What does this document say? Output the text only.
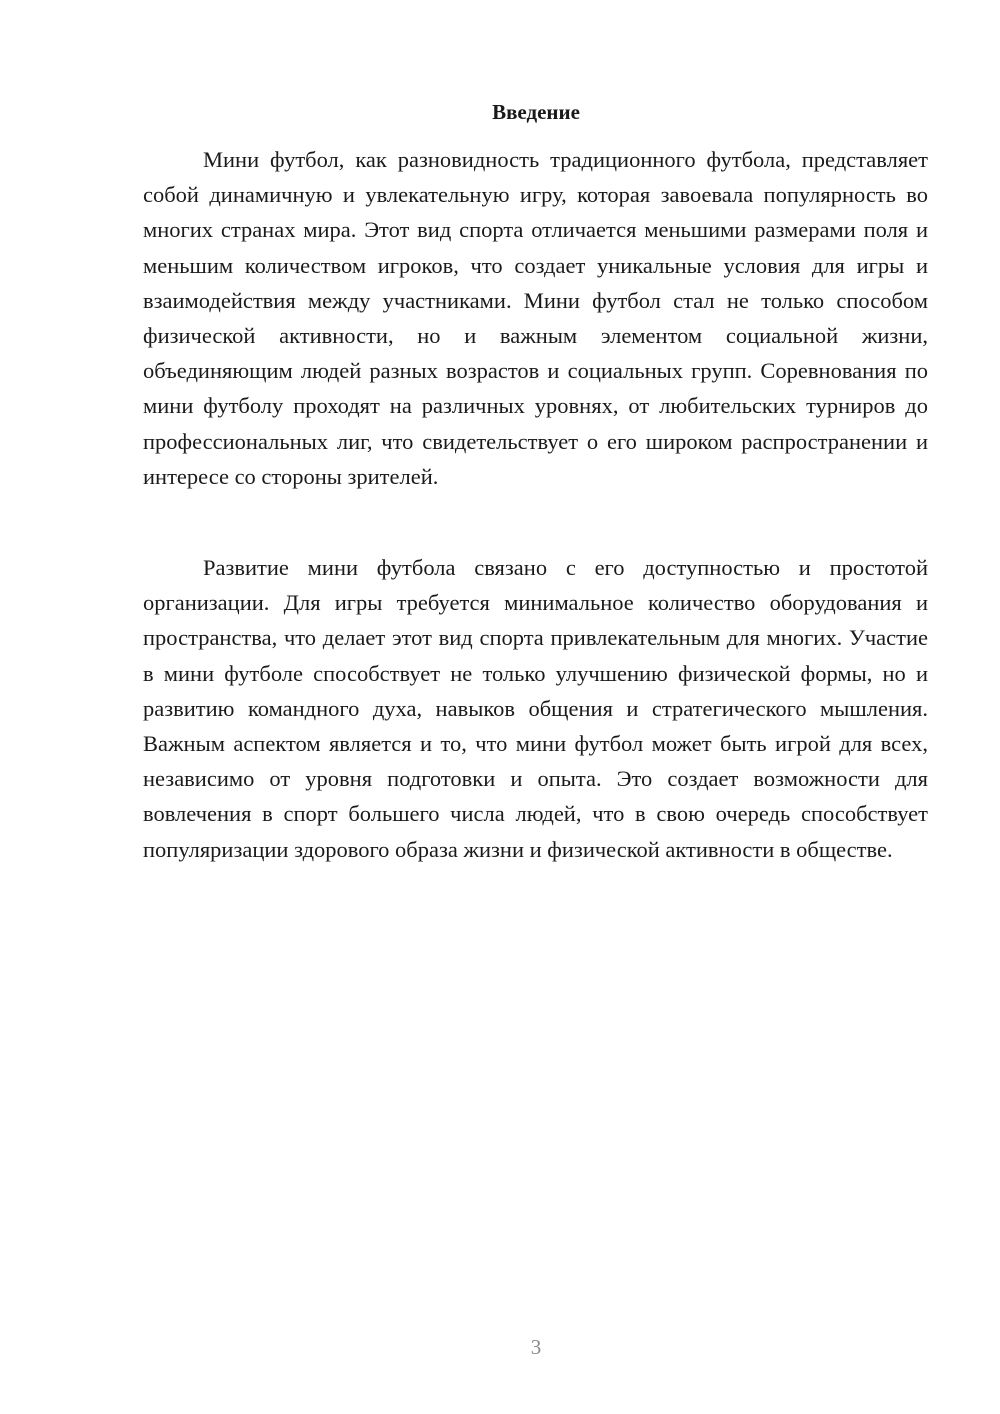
Введение

Мини футбол, как разновидность традиционного футбола, представляет собой динамичную и увлекательную игру, которая завоевала популярность во многих странах мира. Этот вид спорта отличается меньшими размерами поля и меньшим количеством игроков, что создает уникальные условия для игры и взаимодействия между участниками. Мини футбол стал не только способом физической активности, но и важным элементом социальной жизни, объединяющим людей разных возрастов и социальных групп. Соревнования по мини футболу проходят на различных уровнях, от любительских турниров до профессиональных лиг, что свидетельствует о его широком распространении и интересе со стороны зрителей.

Развитие мини футбола связано с его доступностью и простотой организации. Для игры требуется минимальное количество оборудования и пространства, что делает этот вид спорта привлекательным для многих. Участие в мини футболе способствует не только улучшению физической формы, но и развитию командного духа, навыков общения и стратегического мышления. Важным аспектом является и то, что мини футбол может быть игрой для всех, независимо от уровня подготовки и опыта. Это создает возможности для вовлечения в спорт большего числа людей, что в свою очередь способствует популяризации здорового образа жизни и физической активности в обществе.

3
